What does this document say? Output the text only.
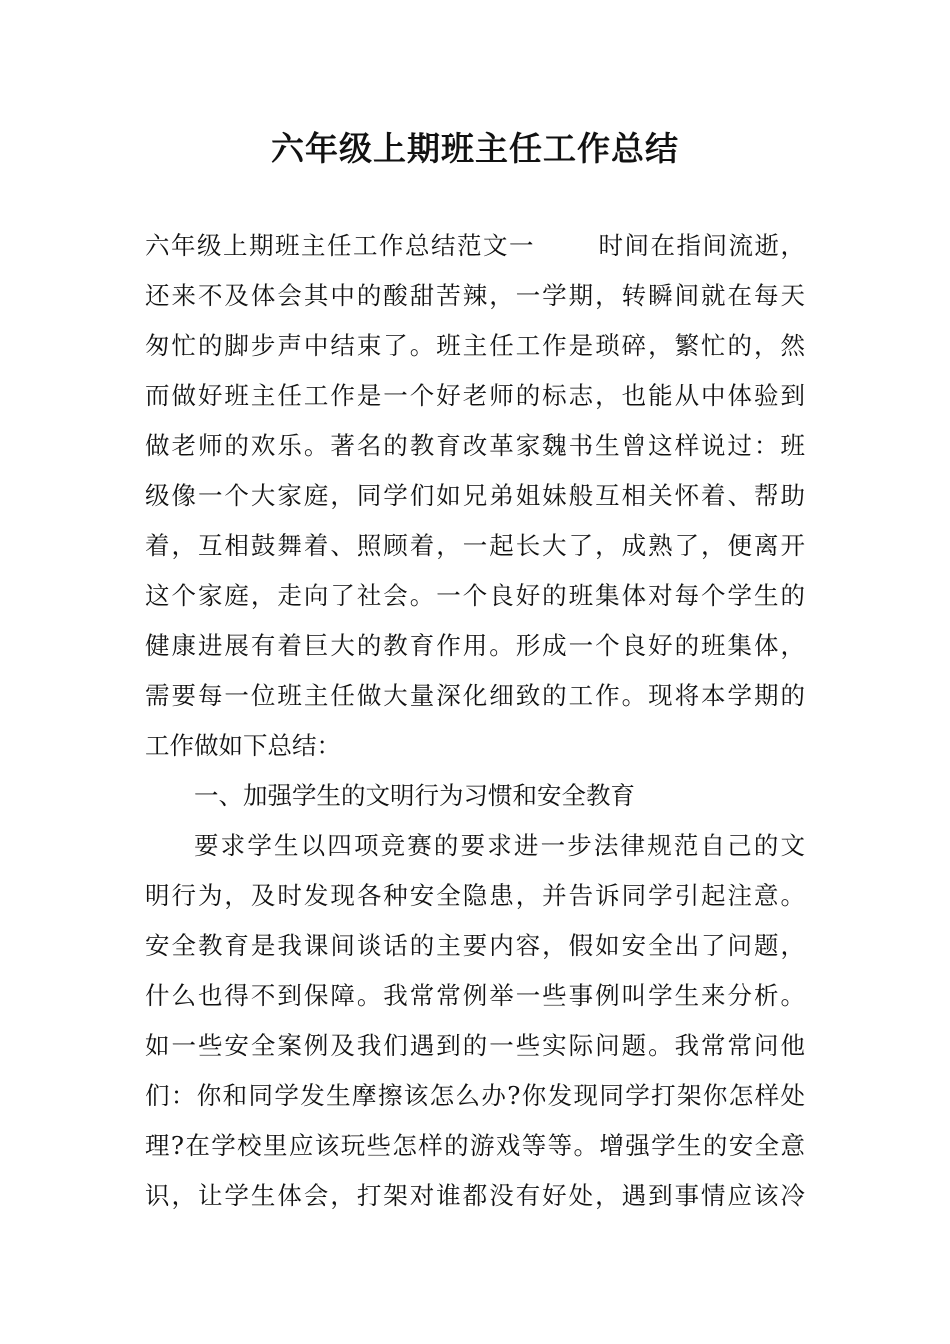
六年级上期班主任工作总结
六年级上期班主任工作总结范文一	时间在指间流逝，
还来不及体会其中的酸甜苦辣，一学期，转瞬间就在每天
匆忙的脚步声中结束了。班主任工作是琐碎，繁忙的，然
而做好班主任工作是一个好老师的标志，也能从中体验到
做老师的欢乐。著名的教育改革家魏书生曾这样说过：班
级像一个大家庭，同学们如兄弟姐妹般互相关怀着、帮助
着，互相鼓舞着、照顾着，一起长大了，成熟了，便离开
这个家庭，走向了社会。一个良好的班集体对每个学生的
健康进展有着巨大的教育作用。形成一个良好的班集体，
需要每一位班主任做大量深化细致的工作。现将本学期的
工作做如下总结：
一、加强学生的文明行为习惯和安全教育
要求学生以四项竞赛的要求进一步法律规范自己的文
明行为，及时发现各种安全隐患，并告诉同学引起注意。
安全教育是我课间谈话的主要内容，假如安全出了问题，
什么也得不到保障。我常常例举一些事例叫学生来分析。
如一些安全案例及我们遇到的一些实际问题。我常常问他
们：你和同学发生摩擦该怎么办?你发现同学打架你怎样处
理?在学校里应该玩些怎样的游戏等等。增强学生的安全意
识，让学生体会，打架对谁都没有好处，遇到事情应该冷
